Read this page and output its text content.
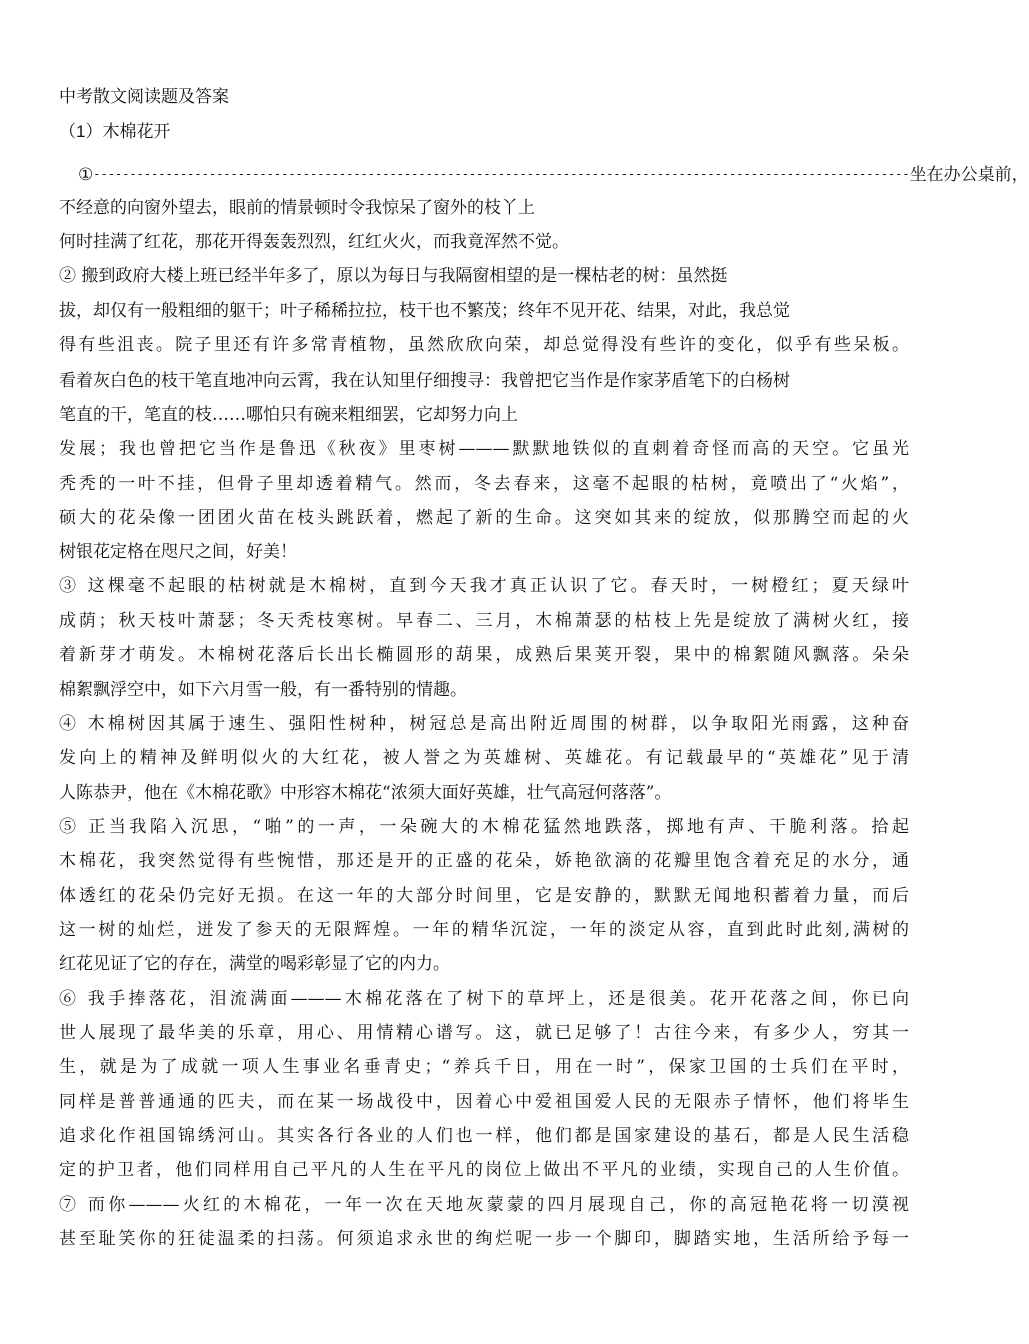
中考散文阅读题及答案
（1）木棉花开
①-----------------------------------------------------------------------------------------------------------------坐在办公桌前，
不经意的向窗外望去，眼前的情景顿时令我惊呆了窗外的枝丫上
何时挂满了红花，那花开得轰轰烈烈，红红火火，而我竟浑然不觉。
② 搬到政府大楼上班已经半年多了，原以为每日与我隔窗相望的是一棵枯老的树：虽然挺
拔，却仅有一般粗细的躯干；叶子稀稀拉拉，枝干也不繁茂；终年不见开花、结果，对此，我总觉
得有些沮丧。院子里还有许多常青植物，虽然欣欣向荣，却总觉得没有些许的变化，似乎有些呆板。
看着灰白色的枝干笔直地冲向云霄，我在认知里仔细搜寻：我曾把它当作是作家茅盾笔下的白杨树
笔直的干，笔直的枝……哪怕只有碗来粗细罢，它却努力向上
发展；我也曾把它当作是鲁迅《秋夜》里枣树———默默地铁似的直刺着奇怪而高的天空。它虽光
秃秃的一叶不挂，但骨子里却透着精气。然而，冬去春来，这毫不起眼的枯树，竟喷出了“火焰”，
硕大的花朵像一团团火苗在枝头跳跃着，燃起了新的生命。这突如其来的绽放，似那腾空而起的火
树银花定格在咫尺之间，好美！
③ 这棵毫不起眼的枯树就是木棉树，直到今天我才真正认识了它。春天时，一树橙红；夏天绿叶
成荫；秋天枝叶萧瑟；冬天秃枝寒树。早春二、三月，木棉萧瑟的枯枝上先是绽放了满树火红，接
着新芽才萌发。木棉树花落后长出长椭圆形的葫果，成熟后果荚开裂，果中的棉絮随风飘落。朵朵
棉絮飘浮空中，如下六月雪一般，有一番特别的情趣。
④ 木棉树因其属于速生、强阳性树种，树冠总是高出附近周围的树群，以争取阳光雨露，这种奋
发向上的精神及鲜明似火的大红花，被人誉之为英雄树、英雄花。有记载最早的“英雄花”见于清
人陈恭尹，他在《木棉花歌》中形容木棉花“浓须大面好英雄，壮气高冠何落落”。
⑤ 正当我陷入沉思，“啪”的一声，一朵碗大的木棉花猛然地跌落，掷地有声、干脆利落。拾起
木棉花，我突然觉得有些惋惜，那还是开的正盛的花朵，娇艳欲滴的花瓣里饱含着充足的水分，通
体透红的花朵仍完好无损。在这一年的大部分时间里，它是安静的，默默无闻地积蓄着力量，而后
这一树的灿烂，迸发了参天的无限辉煌。一年的精华沉淀，一年的淡定从容，直到此时此刻,满树的
红花见证了它的存在，满堂的喝彩彰显了它的内力。
⑥ 我手捧落花，泪流满面———木棉花落在了树下的草坪上，还是很美。花开花落之间，你已向
世人展现了最华美的乐章，用心、用情精心谱写。这，就已足够了！古往今来，有多少人，穷其一
生，就是为了成就一项人生事业名垂青史；“养兵千日，用在一时”，保家卫国的士兵们在平时，
同样是普普通通的匹夫，而在某一场战役中，因着心中爱祖国爱人民的无限赤子情怀，他们将毕生
追求化作祖国锦绣河山。其实各行各业的人们也一样，他们都是国家建设的基石，都是人民生活稳
定的护卫者，他们同样用自己平凡的人生在平凡的岗位上做出不平凡的业绩，实现自己的人生价值。
⑦ 而你———火红的木棉花，一年一次在天地灰蒙蒙的四月展现自己，你的高冠艳花将一切漠视
甚至耻笑你的狂徒温柔的扫荡。何须追求永世的绚烂呢一步一个脚印，脚踏实地，生活所给予每一
